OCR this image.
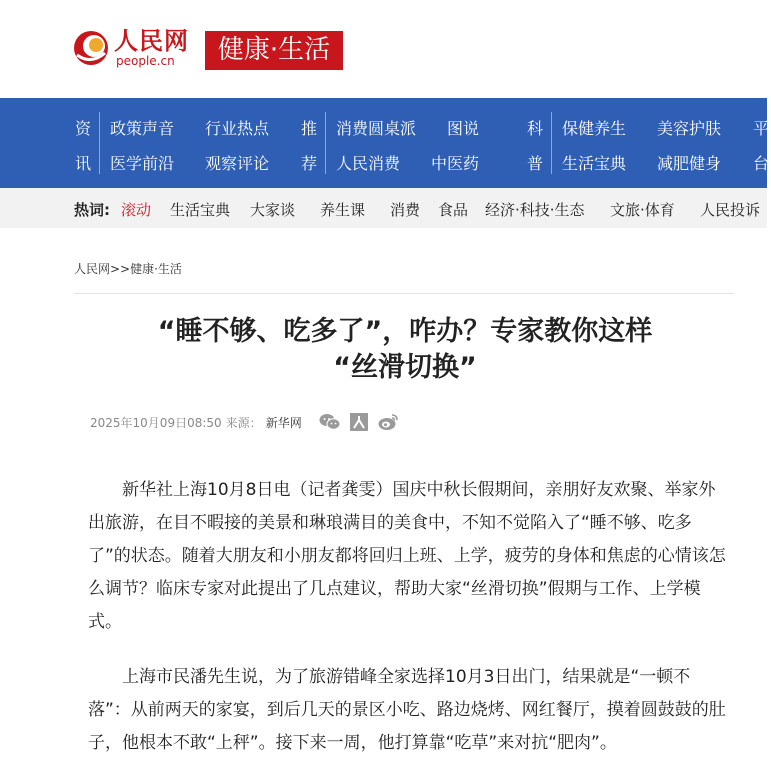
人民网
people.cn	健康·生活
资
讯
政策声音 行业热点
医学前沿 观察评论
推
荐
消费圆桌派 图说
人民消费 中医药
科
普
保健养生 美容护肤
生活宝典 减肥健身
平
台
热词: 滚动 生活宝典 大家谈 养生课 消费 食品 经济·科技·生态 文旅·体育 人民投诉
人民网>>健康·生活
“睡不够、吃多了”，咋办？专家教你这样
“丝滑切换”
2025年10月09日08:50 来源： 新华网

新华社上海10月8日电（记者龚雯）国庆中秋长假期间，亲朋好友欢聚、举家外出旅游，在目不暇接的美景和琳琅满目的美食中，不知不觉陷入了“睡不够、吃多了”的状态。随着大朋友和小朋友都将回归上班、上学，疲劳的身体和焦虑的心情该怎么调节？临床专家对此提出了几点建议，帮助大家“丝滑切换”假期与工作、上学模式。

上海市民潘先生说，为了旅游错峰全家选择10月3日出门，结果就是“一顿不落”：从前两天的家宴，到后几天的景区小吃、路边烧烤、网红餐厅，摸着圆鼓鼓的肚子，他根本不敢“上秤”。接下来一周，他打算靠“吃草”来对抗“肥肉”。
